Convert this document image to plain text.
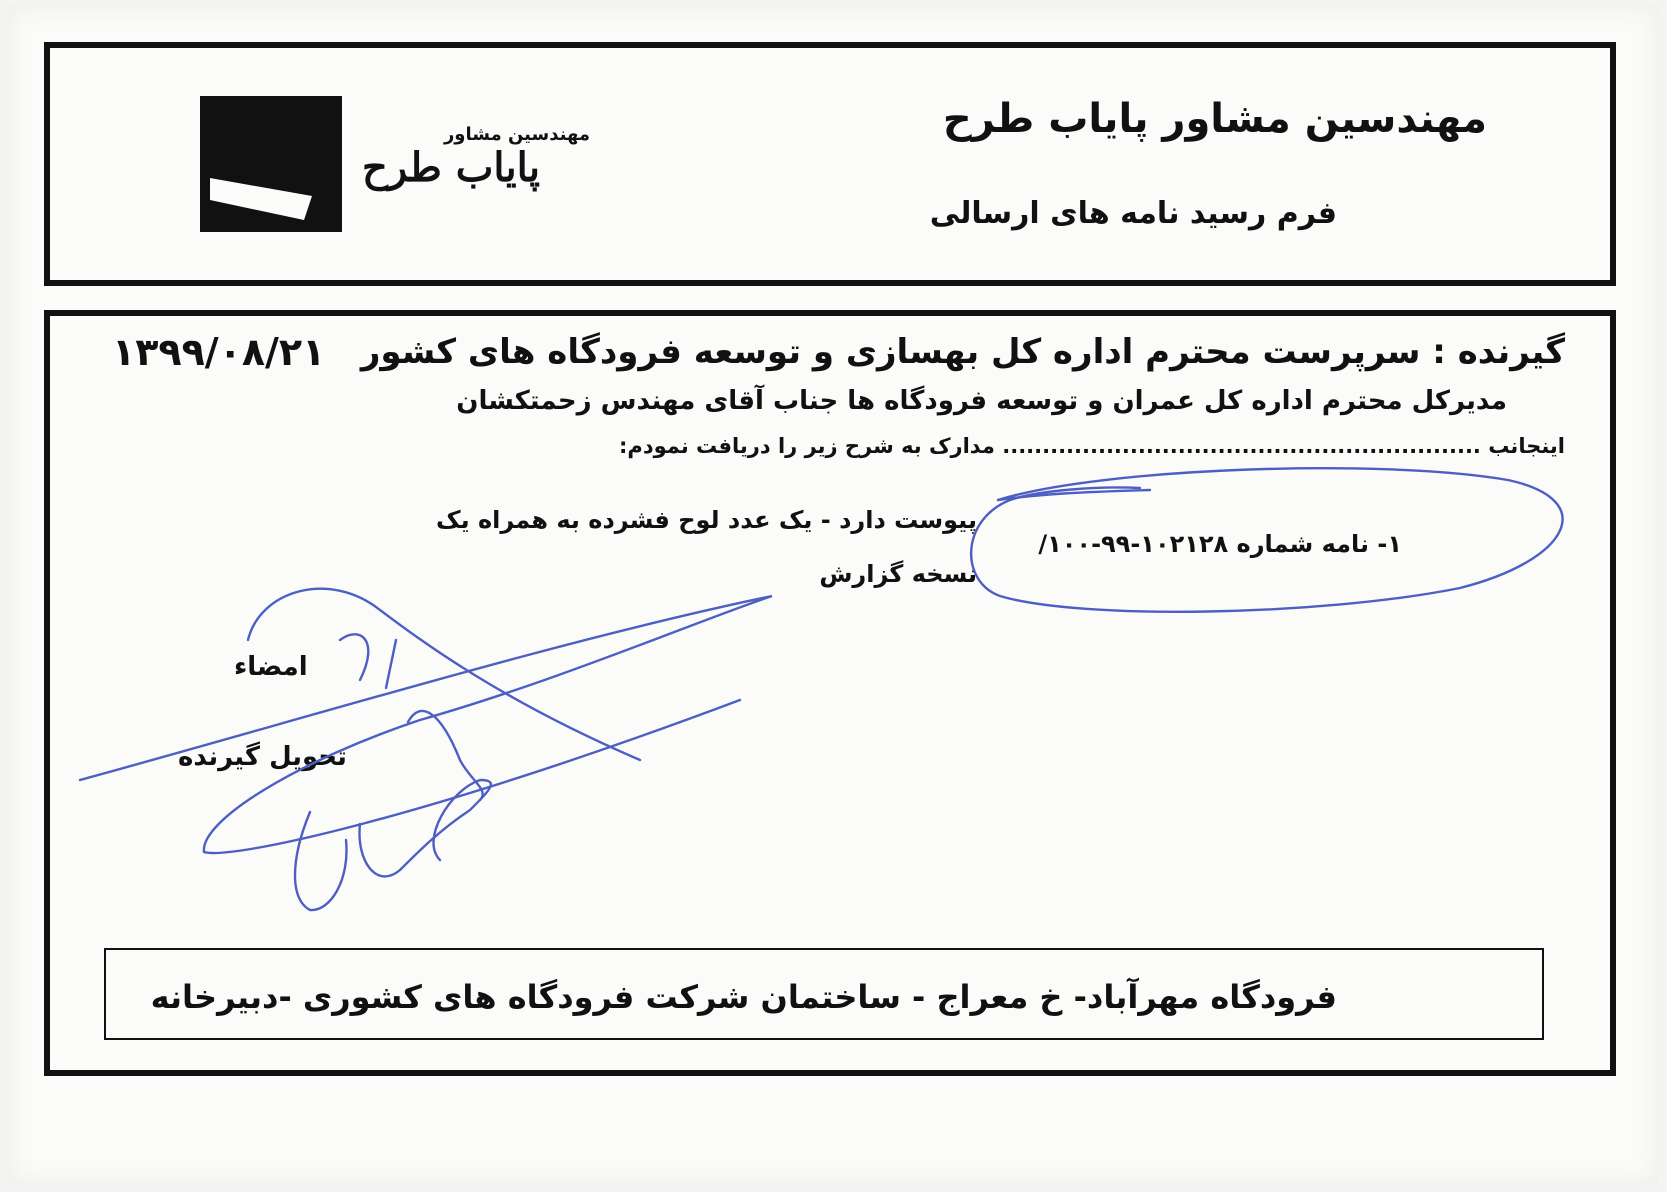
مهندسین مشاور پایاب طرح
فرم رسید نامه های ارسالی
مهندسین مشاور
پایاب طرح
گیرنده : سرپرست محترم اداره کل بهسازی و توسعه فرودگاه های کشور
مدیرکل محترم اداره کل عمران و توسعه فرودگاه ها جناب آقای مهندس زحمتکشان
اینجانب ............................................................ مدارک به شرح زیر را دریافت نمودم:
۱۳۹۹/۰۸/۲۱
۱- نامه شماره ۱۰۲۱۲۸-۹۹-۱۰۰/
پیوست دارد - یک عدد لوح فشرده به همراه یک
نسخه گزارش
امضاء
تحویل گیرنده
فرودگاه مهرآباد- خ معراج - ساختمان شرکت فرودگاه های کشوری -دبیرخانه
